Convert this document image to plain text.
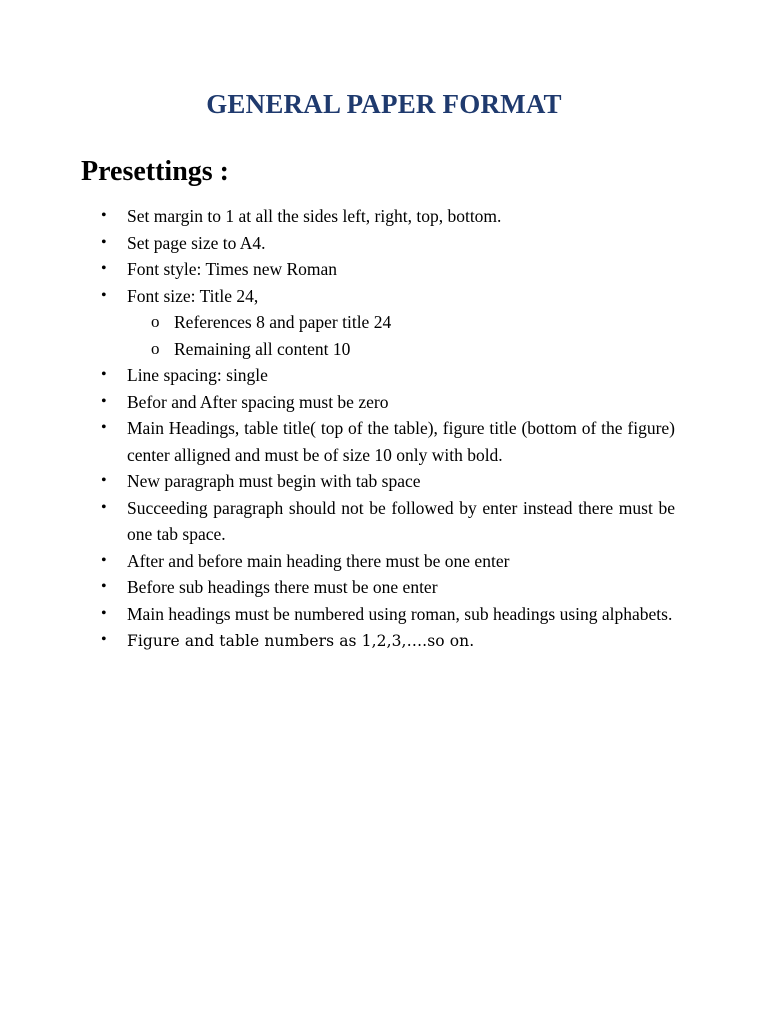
GENERAL PAPER FORMAT
Presettings :
•	Set margin to 1 at all the sides left, right, top, bottom.
•	Set page size to A4.
•	Font style: Times new Roman
•	Font size: Title 24,
o References 8 and paper title 24
o Remaining all content 10
•	Line spacing: single
•	Befor and After spacing must be zero
•	Main Headings, table title( top of the table), figure title (bottom of the figure) center alligned and must be of size 10 only with bold.
•	New paragraph must begin with tab space
•	Succeeding paragraph should not be followed by enter instead there must be one tab space.
•	After and before main heading there must be one enter
•	Before sub headings there must be one enter
•	Main headings must be numbered using roman, sub headings using alphabets.
•	Figure and table numbers as 1,2,3,….so on.
